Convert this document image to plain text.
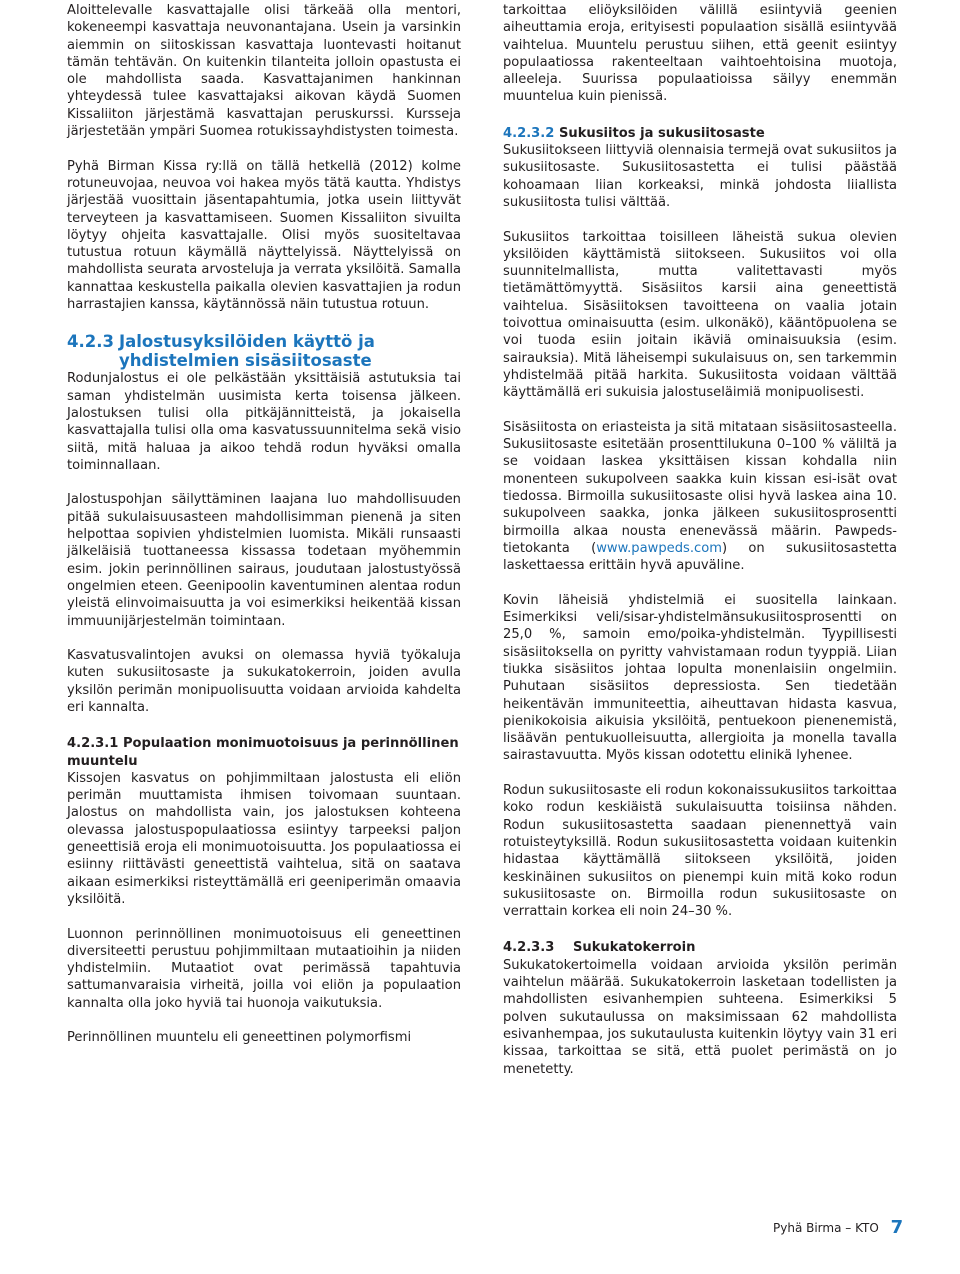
Aloittelevalle kasvattajalle olisi tärkeää olla mentori, kokeneempi kasvattaja neuvonantajana. Usein ja varsinkin aiemmin on siitoskissan kasvattaja luontevasti hoitanut tämän tehtävän. On kuitenkin tilanteita jolloin opastusta ei ole mahdollista saada. Kasvattajanimen hankinnan yhteydessä tulee kasvattajaksi aikovan käydä Suomen Kissaliiton järjestämä kasvattajan peruskurssi. Kursseja järjestetään ympäri Suomea rotukissayhdistysten toimesta.

Pyhä Birman Kissa ry:llä on tällä hetkellä (2012) kolme rotuneuvojaa, neuvoa voi hakea myös tätä kautta. Yhdistys järjestää vuosittain jäsentapahtumia, jotka usein liittyvät terveyteen ja kasvattamiseen. Suomen Kissaliiton sivuilta löytyy ohjeita kasvattajalle. Olisi myös suositeltavaa tutustua rotuun käymällä näyttelyissä. Näyttelyissä on mahdollista seurata arvosteluja ja verrata yksilöitä. Samalla kannattaa keskustella paikalla olevien kasvattajien ja rodun harrastajien kanssa, käytännössä näin tutustua rotuun.

4.2.3 Jalostusyksilöiden käyttö ja yhdistelmien sisäsiitosaste

Rodunjalostus ei ole pelkästään yksittäisiä astutuksia tai saman yhdistelmän uusimista kerta toisensa jälkeen. Jalostuksen tulisi olla pitkäjännitteistä, ja jokaisella kasvattajalla tulisi olla oma kasvatussuunnitelma sekä visio siitä, mitä haluaa ja aikoo tehdä rodun hyväksi omalla toiminnallaan.

Jalostuspohjan säilyttäminen laajana luo mahdollisuuden pitää sukulaisuusasteen mahdollisimman pienenä ja siten helpottaa sopivien yhdistelmien luomista. Mikäli runsaasti jälkeläisiä tuottaneessa kissassa todetaan myöhemmin esim. jokin perinnöllinen sairaus, joudutaan jalostustyössä ongelmien eteen. Geenipoolin kaventuminen alentaa rodun yleistä elinvoimaisuutta ja voi esimerkiksi heikentää kissan immuunijärjestelmän toimintaan.

Kasvatusvalintojen avuksi on olemassa hyviä työkaluja kuten sukusiitosaste ja sukukatokerroin, joiden avulla yksilön perimän monipuolisuutta voidaan arvioida kahdelta eri kannalta.

4.2.3.1 Populaation monimuotoisuus ja perinnöllinen muuntelu

Kissojen kasvatus on pohjimmiltaan jalostusta eli eliön perimän muuttamista ihmisen toivomaan suuntaan. Jalostus on mahdollista vain, jos jalostuksen kohteena olevassa jalostuspopulaatiossa esiintyy tarpeeksi paljon geneettisiä eroja eli monimuotoisuutta. Jos populaatiossa ei esiinny riittävästi geneettistä vaihtelua, sitä on saatava aikaan esimerkiksi risteyttämällä eri geeniperimän omaavia yksilöitä.

Luonnon perinnöllinen monimuotoisuus eli geneettinen diversiteetti perustuu pohjimmiltaan mutaatioihin ja niiden yhdistelmiin. Mutaatiot ovat perimässä tapahtuvia sattumanvaraisia virheitä, joilla voi eliön ja populaation kannalta olla joko hyviä tai huonoja vaikutuksia.

Perinnöllinen muuntelu eli geneettinen polymorfismi

tarkoittaa eliöyksilöiden välillä esiintyviä geenien aiheuttamia eroja, erityisesti populaation sisällä esiintyvää vaihtelua. Muuntelu perustuu siihen, että geenit esiintyy populaatiossa rakenteeltaan vaihtoehtoisina muotoja, alleeleja. Suurissa populaatioissa säilyy enemmän muuntelua kuin pienissä.

4.2.3.2 Sukusiitos ja sukusiitosaste

Sukusiitokseen liittyviä olennaisia termejä ovat sukusiitos ja sukusiitosaste. Sukusiitosastetta ei tulisi päästää kohoamaan liian korkeaksi, minkä johdosta liiallista sukusiitosta tulisi välttää.

Sukusiitos tarkoittaa toisilleen läheistä sukua olevien yksilöiden käyttämistä siitokseen. Sukusiitos voi olla suunnitelmallista, mutta valitettavasti myös tietämättömyyttä. Sisäsiitos karsii aina geneettistä vaihtelua. Sisäsiitoksen tavoitteena on vaalia jotain toivottua ominaisuutta (esim. ulkonäkö), kääntöpuolena se voi tuoda esiin joitain ikäviä ominaisuuksia (esim. sairauksia). Mitä läheisempi sukulaisuus on, sen tarkemmin yhdistelmää pitää harkita. Sukusiitosta voidaan välttää käyttämällä eri sukuisia jalostuseläimiä monipuolisesti.

Sisäsiitosta on eriasteista ja sitä mitataan sisäsiitosasteella. Sukusiitosaste esitetään prosenttilukuna 0–100 % väliltä ja se voidaan laskea yksittäisen kissan kohdalla niin monenteen sukupolveen saakka kuin kissan esi-isät ovat tiedossa. Birmoilla sukusiitosaste olisi hyvä laskea aina 10. sukupolveen saakka, jonka jälkeen sukusiitosprosentti birmoilla alkaa nousta enenevässä määrin. Pawpeds-tietokanta (www.pawpeds.com) on sukusiitosastetta laskettaessa erittäin hyvä apuväline.

Kovin läheisiä yhdistelmiä ei suositella lainkaan. Esimerkiksi veli/sisar-yhdistelmänsukusiitosprosentti on 25,0 %, samoin emo/poika-yhdistelmän. Tyypillisesti sisäsiitoksella on pyritty vahvistamaan rodun tyyppiä. Liian tiukka sisäsiitos johtaa lopulta monenlaisiin ongelmiin. Puhutaan sisäsiitos depressiosta. Sen tiedetään heikentävän immuniteettia, aiheuttavan hidasta kasvua, pienikokoisia aikuisia yksilöitä, pentuekoon pienenemistä, lisäävän pentukuolleisuutta, allergioita ja monella tavalla sairastavuutta. Myös kissan odotettu elinikä lyhenee.

Rodun sukusiitosaste eli rodun kokonaissukusiitos tarkoittaa koko rodun keskiäistä sukulaisuutta toisiinsa nähden. Rodun sukusiitosastetta saadaan pienennettyä vain rotuisteytyksillä. Rodun sukusiitosastetta voidaan kuitenkin hidastaa käyttämällä siitokseen yksilöitä, joiden keskinäinen sukusiitos on pienempi kuin mitä koko rodun sukusiitosaste on. Birmoilla rodun sukusiitosaste on verrattain korkea eli noin 24–30 %.

4.2.3.3 Sukukatokerroin

Sukukatokertoimella voidaan arvioida yksilön perimän vaihtelun määrää. Sukukatokerroin lasketaan todellisten ja mahdollisten esivanhempien suhteena. Esimerkiksi 5 polven sukutaulussa on maksimissaan 62 mahdollista esivanhempaa, jos sukutaulusta kuitenkin löytyy vain 31 eri kissaa, tarkoittaa se sitä, että puolet perimästä on jo menetetty.

Pyhä Birma – KTO 7
